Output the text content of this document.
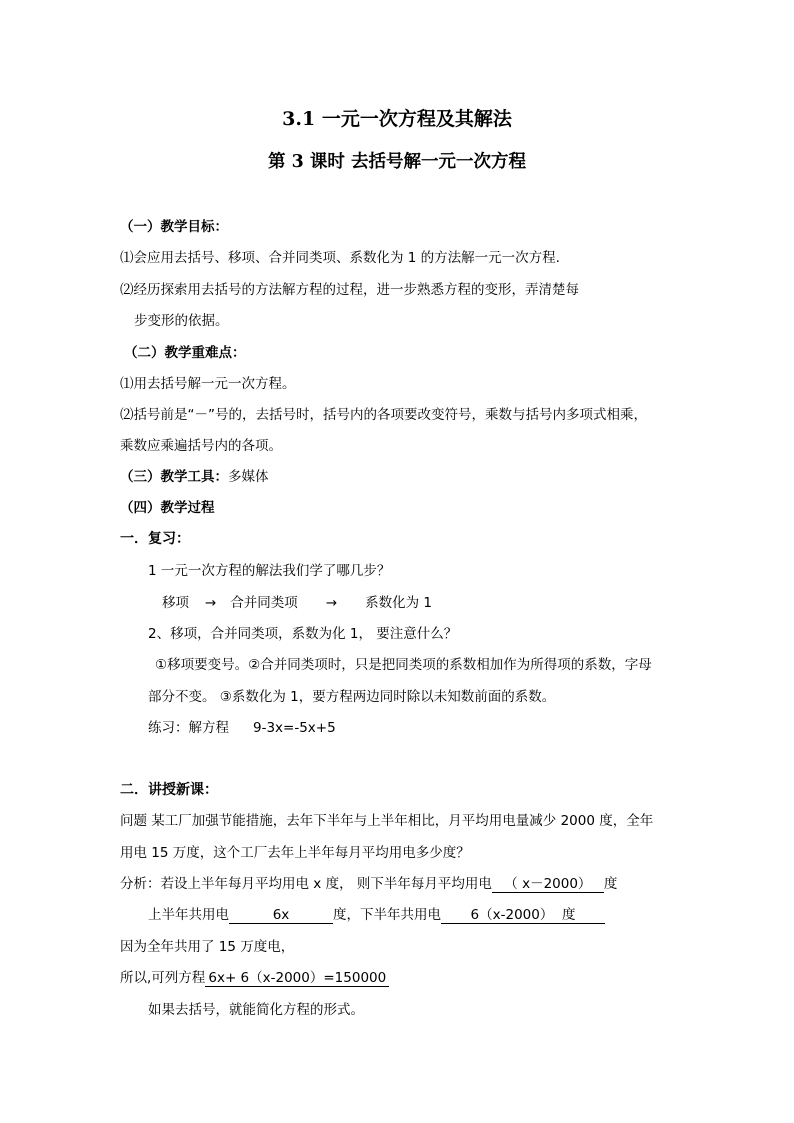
3.1 一元一次方程及其解法
第 3 课时 去括号解一元一次方程
（一）教学目标：
⑴会应用去括号、移项、合并同类项、系数化为 1 的方法解一元一次方程.
⑵经历探索用去括号的方法解方程的过程，进一步熟悉方程的变形，弄清楚每
步变形的依据。
（二）教学重难点：
⑴用去括号解一元一次方程。
⑵括号前是“－”号的，去括号时，括号内的各项要改变符号，乘数与括号内多项式相乘，
乘数应乘遍括号内的各项。
（三）教学工具：多媒体
（四）教学过程
一．复习：
1 一元一次方程的解法我们学了哪几步？
移项 → 合并同类项 → 系数化为 1
2、移项，合并同类项，系数为化 1， 要注意什么？
①移项要变号。②合并同类项时，只是把同类项的系数相加作为所得项的系数，字母
部分不变。 ③系数化为 1，要方程两边同时除以未知数前面的系数。
练习：解方程 9-3x=-5x+5
二．讲授新课：
问题 某工厂加强节能措施，去年下半年与上半年相比，月平均用电量减少 2000 度，全年
用电 15 万度，这个工厂去年上半年每月平均用电多少度？
分析：若设上半年每月平均用电 x 度， 则下半年每月平均用电 （ x－2000） 度
上半年共用电	6x	度，下半年共用电 6（x-2000） 度
因为全年共用了 15 万度电，
所以,可列方程 6x+ 6（x-2000）=150000
如果去括号，就能简化方程的形式。
